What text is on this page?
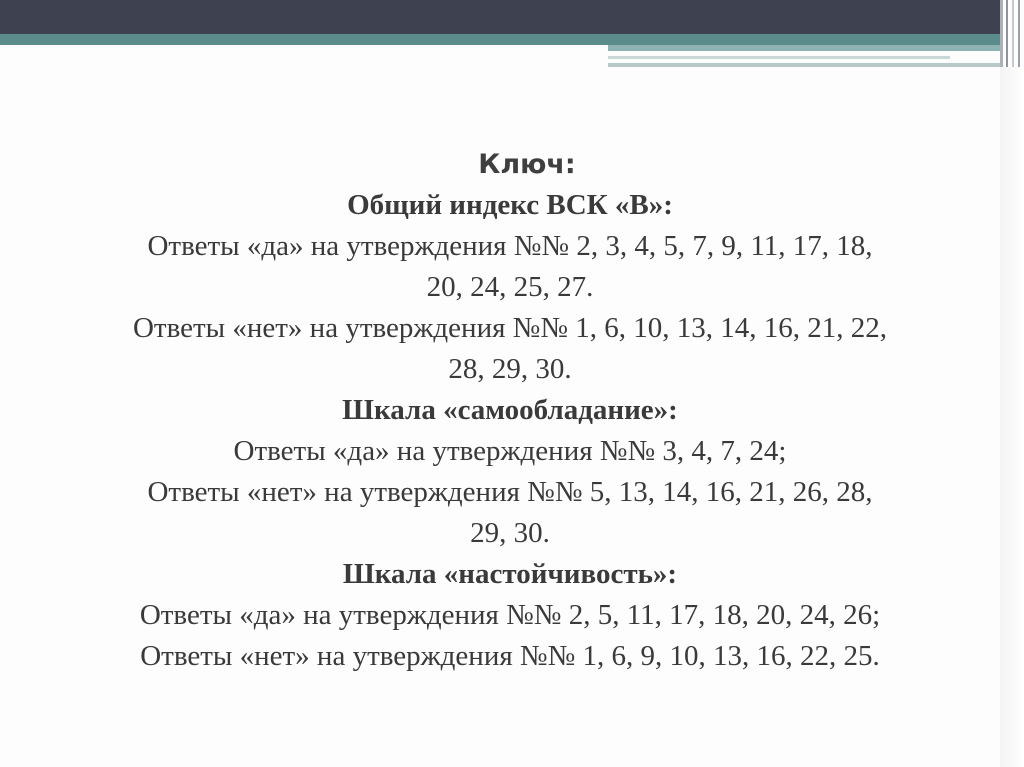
Ключ:

Общий индекс ВСК «В»:

Ответы «да» на утверждения №№ 2, 3, 4, 5, 7, 9, 11, 17, 18,

20, 24, 25, 27.

Ответы «нет» на утверждения №№ 1, 6, 10, 13, 14, 16, 21, 22,

28, 29, 30.

Шкала «самообладание»:

Ответы «да» на утверждения №№ 3, 4, 7, 24;

Ответы «нет» на утверждения №№ 5, 13, 14, 16, 21, 26, 28,

29, 30.

Шкала «настойчивость»:

Ответы «да» на утверждения №№ 2, 5, 11, 17, 18, 20, 24, 26;

Ответы «нет» на утверждения №№ 1, 6, 9, 10, 13, 16, 22, 25.
